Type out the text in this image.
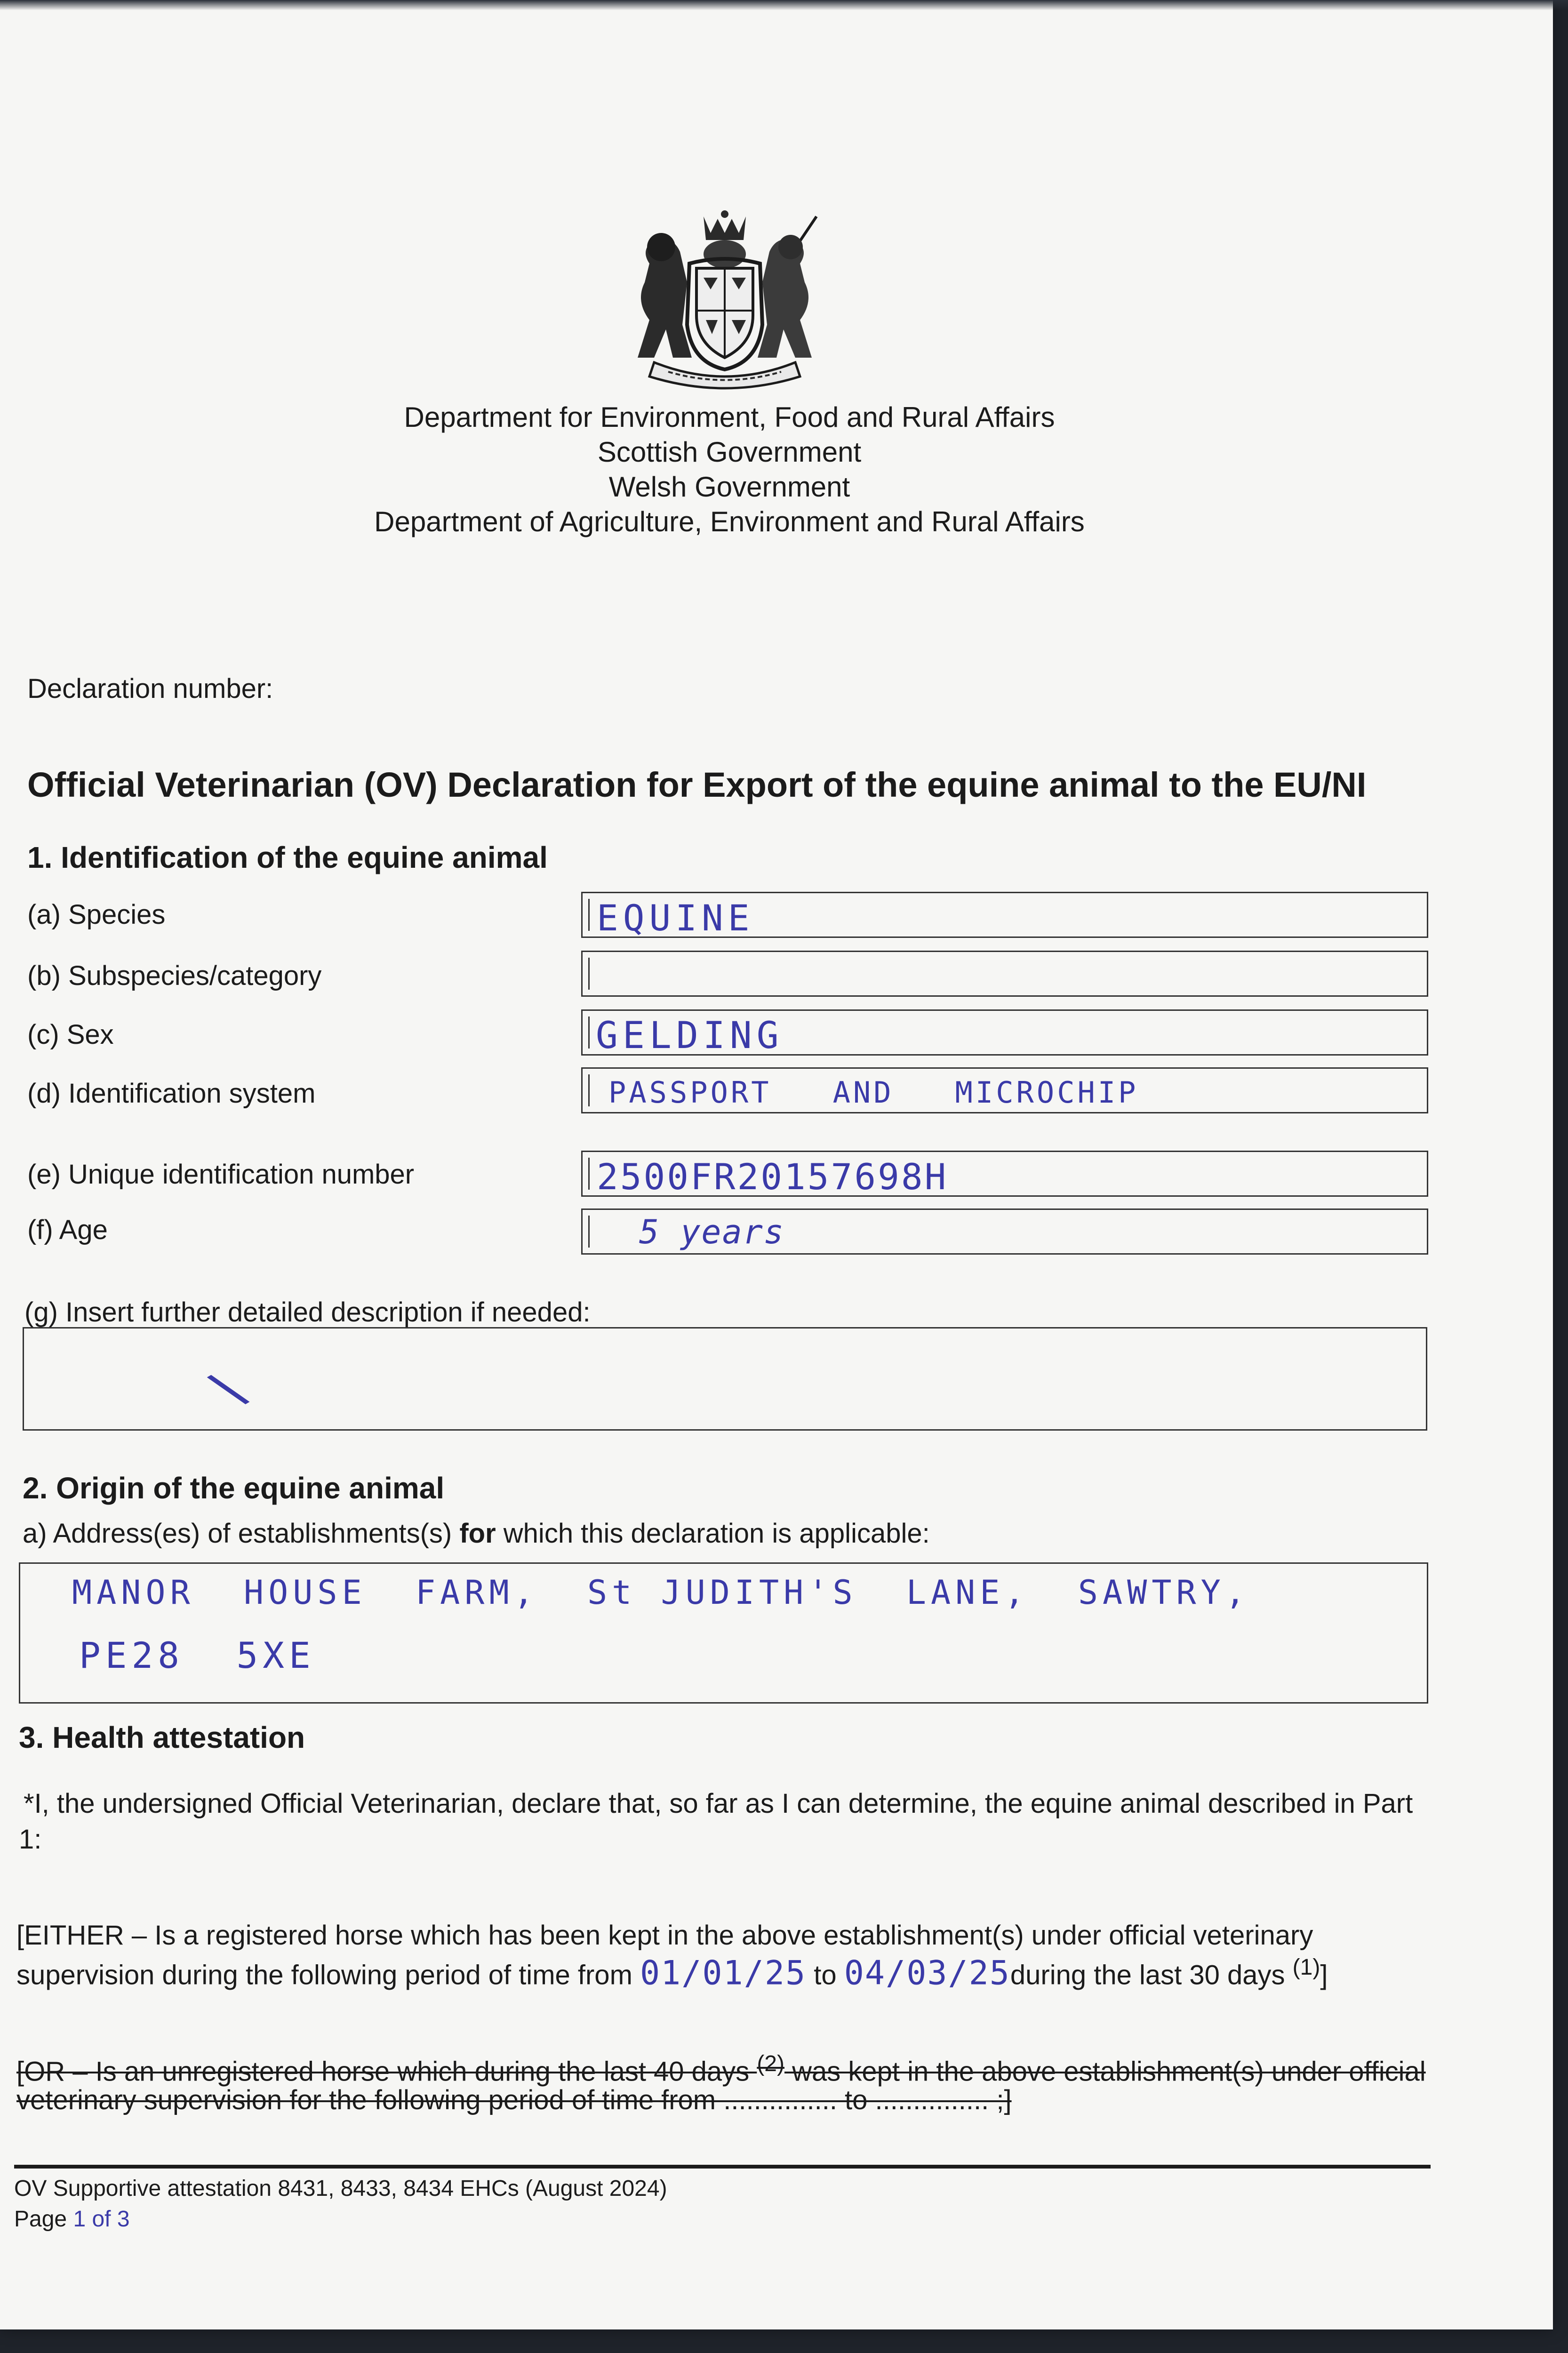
Department for Environment, Food and Rural Affairs
Scottish Government
Welsh Government
Department of Agriculture, Environment and Rural Affairs
Declaration number:
Official Veterinarian (OV) Declaration for Export of the equine animal to the EU/NI
1. Identification of the equine animal
(a) Species	EQUINE
(b) Subspecies/category
(c) Sex	GELDING
(d) Identification system	PASSPORT   AND   MICROCHIP
(e) Unique identification number	2500FR20157698H
(f) Age	5 years
(g) Insert further detailed description if needed:
\
2. Origin of the equine animal
a) Address(es) of establishments(s) for which this declaration is applicable:
MANOR  HOUSE  FARM,  St JUDITH'S  LANE,  SAWTRY,
PE28  5XE
3. Health attestation
*I, the undersigned Official Veterinarian, declare that, so far as I can determine, the equine animal described in Part
1:
[EITHER – Is a registered horse which has been kept in the above establishment(s) under official veterinary
supervision during the following period of time from 01/01/25 to 04/03/25during the last 30 days $^{(1)}$]
[OR – Is an unregistered horse which during the last 40 days $^{(2)}$ was kept in the above establishment(s) under official
veterinary supervision for the following period of time from ............... to ............... ;]
OV Supportive attestation 8431, 8433, 8434 EHCs (August 2024)
Page 1 of 3
